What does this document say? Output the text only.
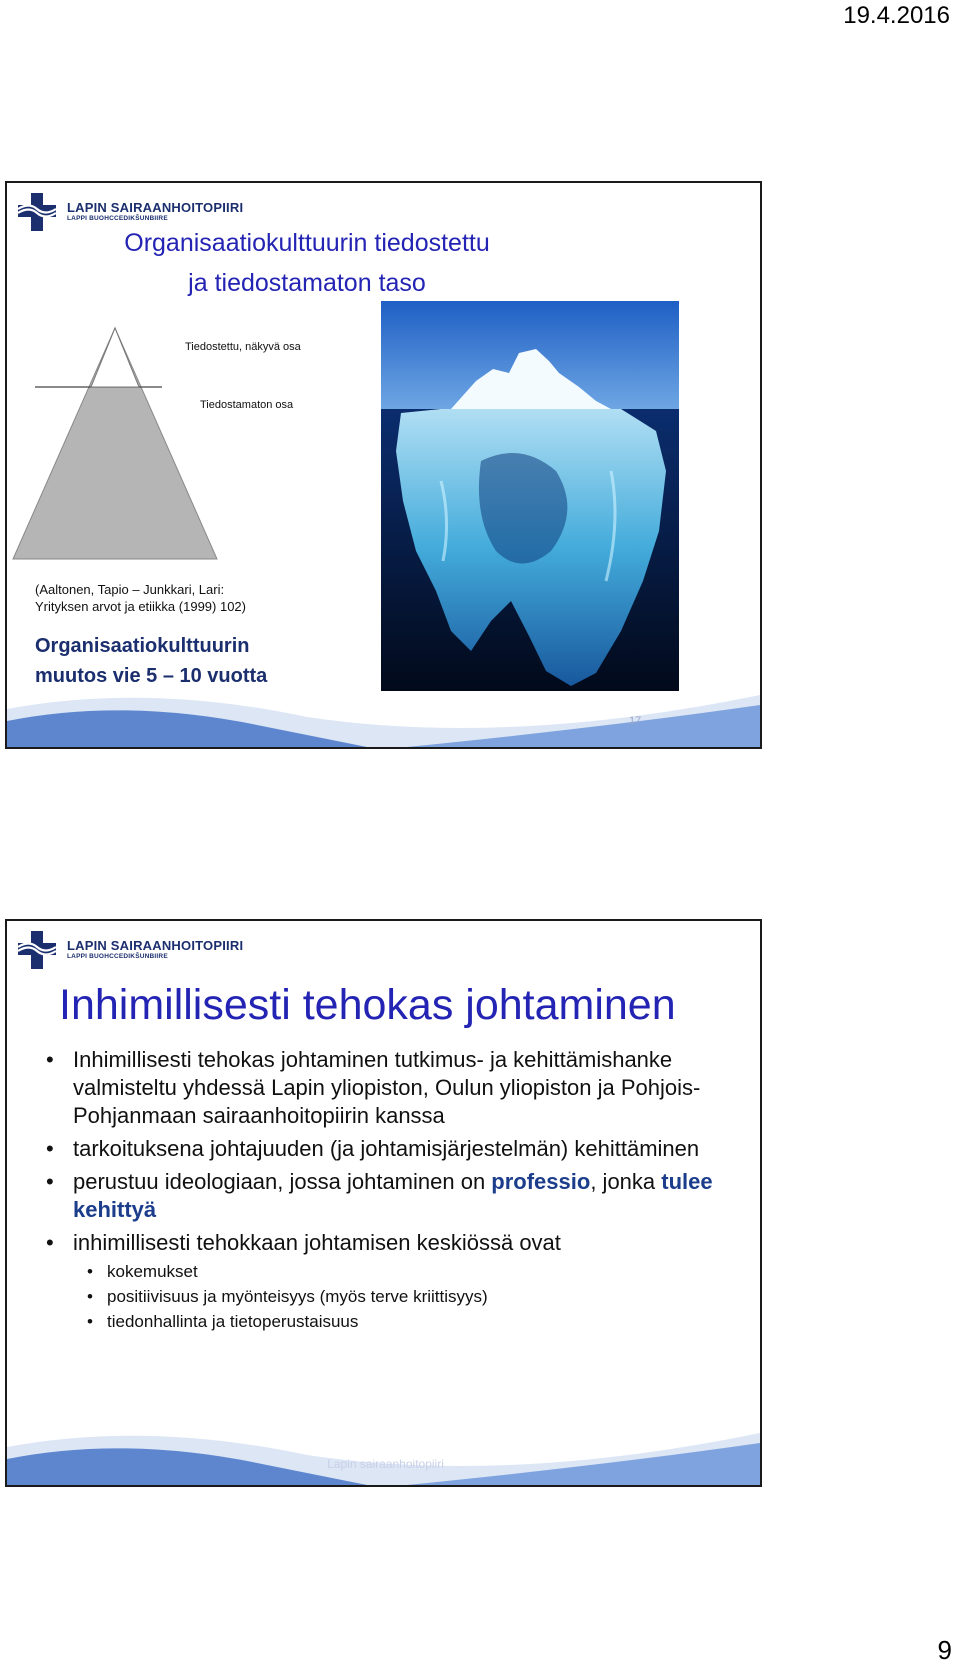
19.4.2016
LAPIN SAIRAANHOITOPIIRI
LAPPI BUOHCCEDIKŠUNBIIRE
Organisaatiokulttuurin tiedostettu
ja tiedostamaton taso
Tiedostettu, näkyvä osa
Tiedostamaton osa
(Aaltonen, Tapio – Junkkari, Lari:
Yrityksen arvot ja etiikka (1999) 102)
Organisaatiokulttuurin
muutos vie 5 – 10 vuotta
17
LAPIN SAIRAANHOITOPIIRI
LAPPI BUOHCCEDIKŠUNBIIRE
Inhimillisesti tehokas johtaminen
• Inhimillisesti tehokas johtaminen tutkimus- ja kehittämishanke valmisteltu yhdessä Lapin yliopiston, Oulun yliopiston ja Pohjois-Pohjanmaan sairaanhoitopiirin kanssa
• tarkoituksena johtajuuden (ja johtamisjärjestelmän) kehittäminen
• perustuu ideologiaan, jossa johtaminen on professio, jonka tulee kehittyä
• inhimillisesti tehokkaan johtamisen keskiössä ovat
• kokemukset
• positiivisuus ja myönteisyys (myös terve kriittisyys)
• tiedonhallinta ja tietoperustaisuus
Lapin sairaanhoitopiiri
9
